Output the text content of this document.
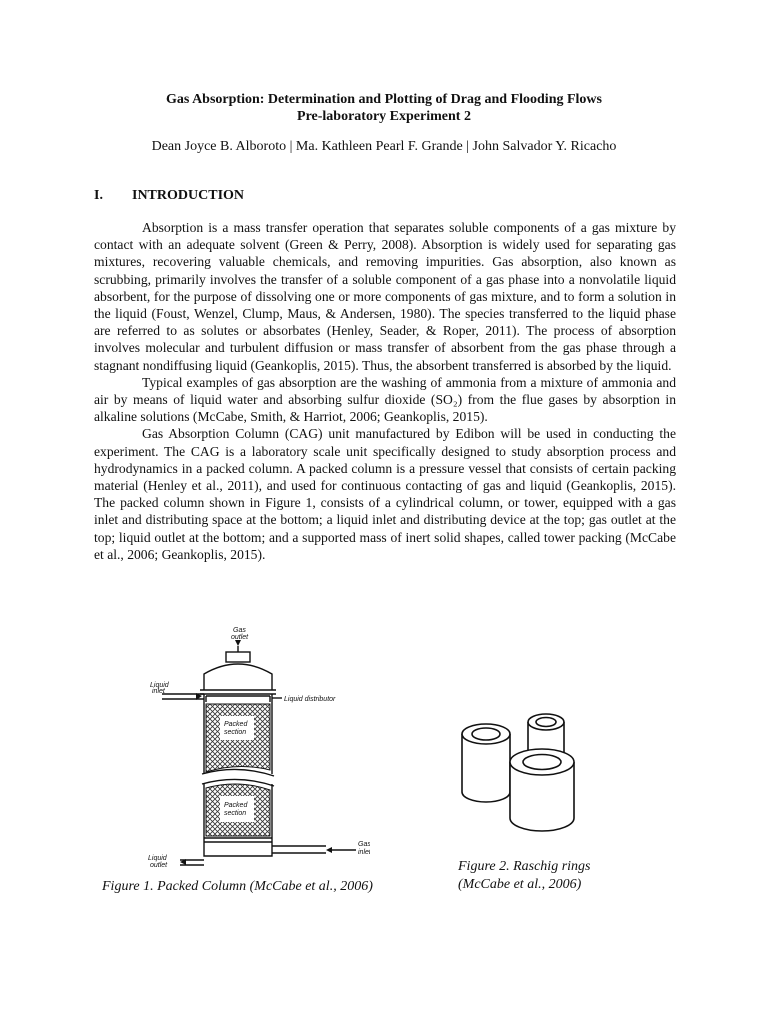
Gas Absorption: Determination and Plotting of Drag and Flooding Flows
Pre-laboratory Experiment 2
Dean Joyce B. Alboroto | Ma. Kathleen Pearl F. Grande | John Salvador Y. Ricacho
I. INTRODUCTION

Absorption is a mass transfer operation that separates soluble components of a gas mixture by contact with an adequate solvent (Green & Perry, 2008). Absorption is widely used for separating gas mixtures, recovering valuable chemicals, and removing impurities. Gas absorption, also known as scrubbing, primarily involves the transfer of a soluble component of a gas phase into a nonvolatile liquid absorbent, for the purpose of dissolving one or more components of gas mixture, and to form a solution in the liquid (Foust, Wenzel, Clump, Maus, & Andersen, 1980). The species transferred to the liquid phase are referred to as solutes or absorbates (Henley, Seader, & Roper, 2011). The process of absorption involves molecular and turbulent diffusion or mass transfer of absorbent from the gas phase through a stagnant nondiffusing liquid (Geankoplis, 2015). Thus, the absorbent transferred is absorbed by the liquid.

Typical examples of gas absorption are the washing of ammonia from a mixture of ammonia and air by means of liquid water and absorbing sulfur dioxide (SO₂) from the flue gases by absorption in alkaline solutions (McCabe, Smith, & Harriot, 2006; Geankoplis, 2015).

Gas Absorption Column (CAG) unit manufactured by Edibon will be used in conducting the experiment. The CAG is a laboratory scale unit specifically designed to study absorption process and hydrodynamics in a packed column. A packed column is a pressure vessel that consists of certain packing material (Henley et al., 2011), and used for continuous contacting of gas and liquid (Geankoplis, 2015). The packed column shown in Figure 1, consists of a cylindrical column, or tower, equipped with a gas inlet and distributing space at the bottom; a liquid inlet and distributing device at the top; gas outlet at the top; liquid outlet at the bottom; and a supported mass of inert solid shapes, called tower packing (McCabe et al., 2006; Geankoplis, 2015).

Gas
outlet
Liquid
inlet
Liquid distributor
Packed
section
Packed
section
Gas
inlet
Liquid
outlet
Figure 1. Packed Column (McCabe et al., 2006)
Figure 2. Raschig rings
(McCabe et al., 2006)
